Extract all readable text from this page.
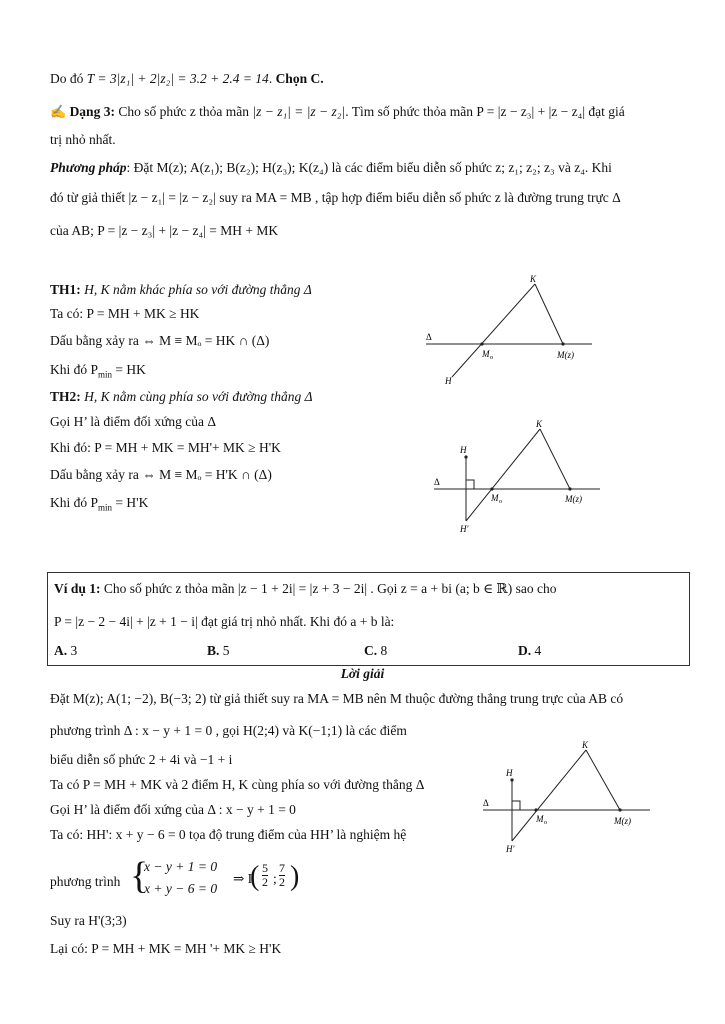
Do đó T = 3|z₁| + 2|z₂| = 3.2 + 2.4 = 14. Chọn C.
✍ Dạng 3: Cho số phức z thỏa mãn |z − z₁| = |z − z₂|. Tìm số phức thỏa mãn P = |z − z₃| + |z − z₄| đạt giá
trị nhỏ nhất.
Phương pháp: Đặt M(z); A(z₁); B(z₂); H(z₃); K(z₄) là các điểm biểu diễn số phức z; z₁; z₂; z₃ và z₄. Khi
đó từ giả thiết |z − z₁| = |z − z₂| suy ra MA = MB , tập hợp điểm biểu diễn số phức z là đường trung trực Δ
của AB; P = |z − z₃| + |z − z₄| = MH + MK
TH1: H, K nằm khác phía so với đường thẳng Δ
Ta có: P = MH + MK ≥ HK
Dấu bằng xảy ra ⇔ M ≡ Mₒ = HK ∩ (Δ)
Khi đó $P_{min}$ = HK
K
M o	M(z)
Δ
H
TH2: H, K nằm cùng phía so với đường thẳng Δ
Gọi H’ là điểm đối xứng của Δ
Khi đó: P = MH + MK = MH'+ MK ≥ H'K
Dấu bằng xảy ra ⇔ M ≡ Mₒ = H'K ∩ (Δ)
Khi đó $P_{min} = H'K$
K
H
H'
M o	M(z)
Δ
Ví dụ 1: Cho số phức z thỏa mãn |z − 1 + 2i| = |z + 3 − 2i| . Gọi z = a + bi (a; b ∈ ℝ) sao cho
P = |z − 2 − 4i| + |z + 1 − i| đạt giá trị nhỏ nhất. Khi đó a + b là:
A. 3	B. 5	C. 8	D. 4
Lời giải
Đặt M(z); A(1; −2), B(−3; 2) từ giả thiết suy ra MA = MB nên M thuộc đường thẳng trung trực của AB có
phương trình Δ : x − y + 1 = 0 , gọi H(2;4) và K(−1;1) là các điểm
biểu diễn số phức 2 + 4i và −1 + i
Ta có P = MH + MK và 2 điểm H, K cùng phía so với đường thẳng Δ
Gọi H’ là điểm đối xứng của Δ : x − y + 1 = 0
Ta có: HH': x + y − 6 = 0 tọa độ trung điểm của HH’ là nghiệm hệ
phương trình {
x − y + 1 = 0
x + y − 6 = 0
⇒ I
( $\frac{5}{2}$ ; $\frac{7}{2}$ )
Suy ra H'(3;3)
Lại có: P = MH + MK = MH '+ MK ≥ H'K
K
H
H'
M o	M(z)
Δ
